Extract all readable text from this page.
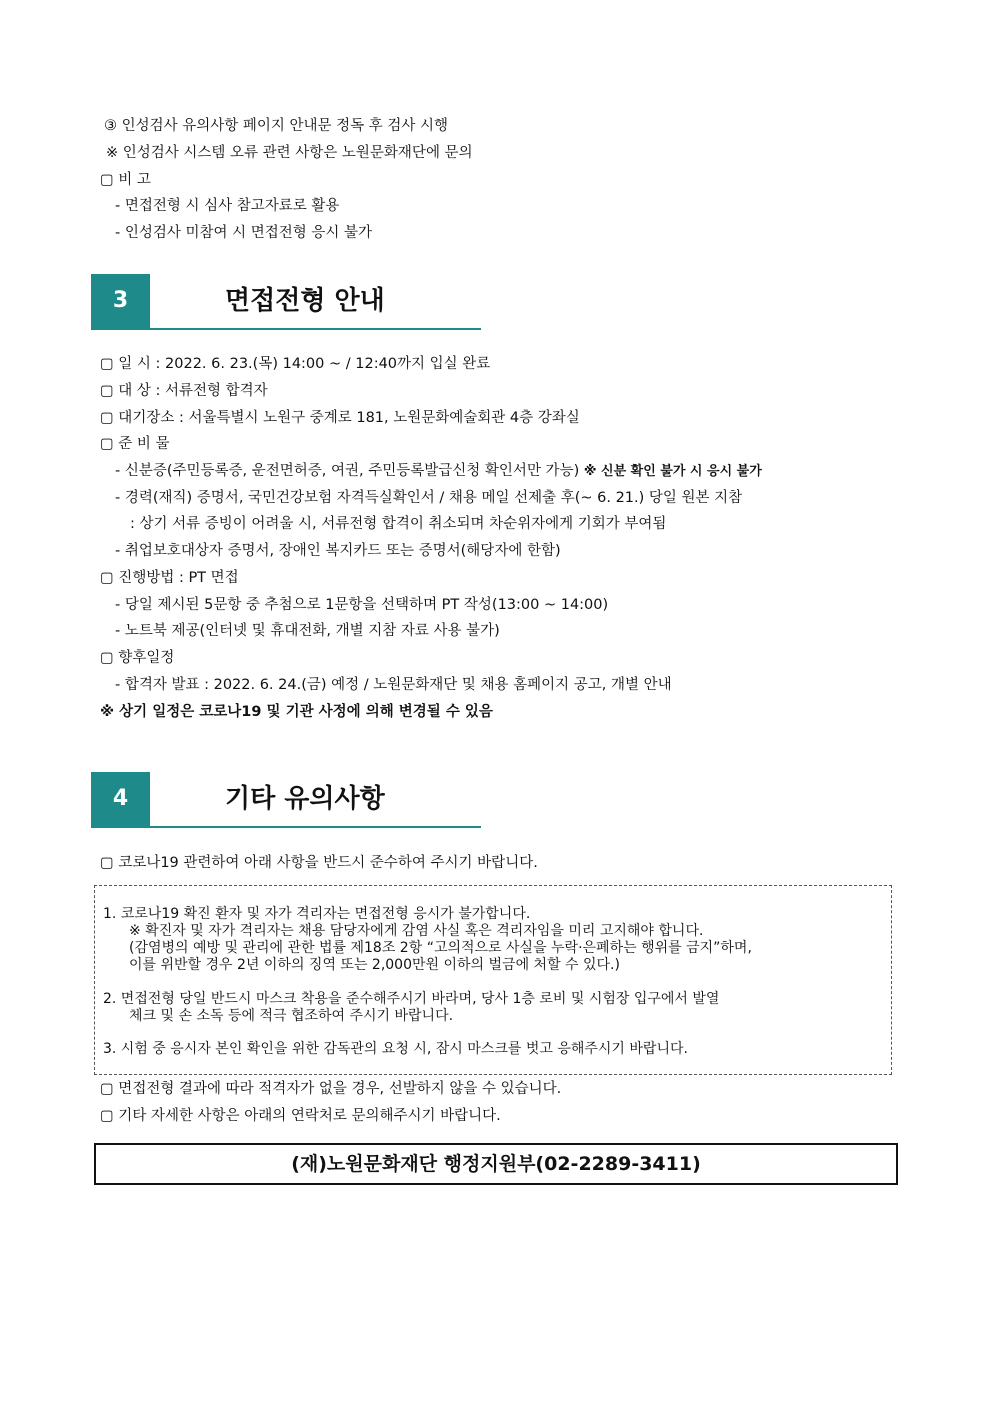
③ 인성검사 유의사항 페이지 안내문 정독 후 검사 시행
※ 인성검사 시스템 오류 관련 사항은 노원문화재단에 문의
▢ 비 고
- 면접전형 시 심사 참고자료로 활용
- 인성검사 미참여 시 면접전형 응시 불가
3	면접전형 안내
▢ 일 시 : 2022. 6. 23.(목) 14:00 ~ / 12:40까지 입실 완료
▢ 대 상 : 서류전형 합격자
▢ 대기장소 : 서울특별시 노원구 중계로 181, 노원문화예술회관 4층 강좌실
▢ 준 비 물
- 신분증(주민등록증, 운전면허증, 여권, 주민등록발급신청 확인서만 가능) ※ 신분 확인 불가 시 응시 불가
- 경력(재직) 증명서, 국민건강보험 자격득실확인서 / 채용 메일 선제출 후(~ 6. 21.) 당일 원본 지참
: 상기 서류 증빙이 어려울 시, 서류전형 합격이 취소되며 차순위자에게 기회가 부여됨
- 취업보호대상자 증명서, 장애인 복지카드 또는 증명서(해당자에 한함)
▢ 진행방법 : PT 면접
- 당일 제시된 5문항 중 추첨으로 1문항을 선택하며 PT 작성(13:00 ~ 14:00)
- 노트북 제공(인터넷 및 휴대전화, 개별 지참 자료 사용 불가)
▢ 향후일정
- 합격자 발표 : 2022. 6. 24.(금) 예정 / 노원문화재단 및 채용 홈페이지 공고, 개별 안내
※ 상기 일정은 코로나19 및 기관 사정에 의해 변경될 수 있음
4	기타 유의사항
▢ 코로나19 관련하여 아래 사항을 반드시 준수하여 주시기 바랍니다.
1. 코로나19 확진 환자 및 자가 격리자는 면접전형 응시가 불가합니다.
※ 확진자 및 자가 격리자는 채용 담당자에게 감염 사실 혹은 격리자임을 미리 고지해야 합니다.
(감염병의 예방 및 관리에 관한 법률 제18조 2항 “고의적으로 사실을 누락·은폐하는 행위를 금지”하며,
이를 위반할 경우 2년 이하의 징역 또는 2,000만원 이하의 벌금에 처할 수 있다.)
2. 면접전형 당일 반드시 마스크 착용을 준수해주시기 바라며, 당사 1층 로비 및 시험장 입구에서 발열
체크 및 손 소독 등에 적극 협조하여 주시기 바랍니다.
3. 시험 중 응시자 본인 확인을 위한 감독관의 요청 시, 잠시 마스크를 벗고 응해주시기 바랍니다.
▢ 면접전형 결과에 따라 적격자가 없을 경우, 선발하지 않을 수 있습니다.
▢ 기타 자세한 사항은 아래의 연락처로 문의해주시기 바랍니다.
(재)노원문화재단 행정지원부(02-2289-3411)
